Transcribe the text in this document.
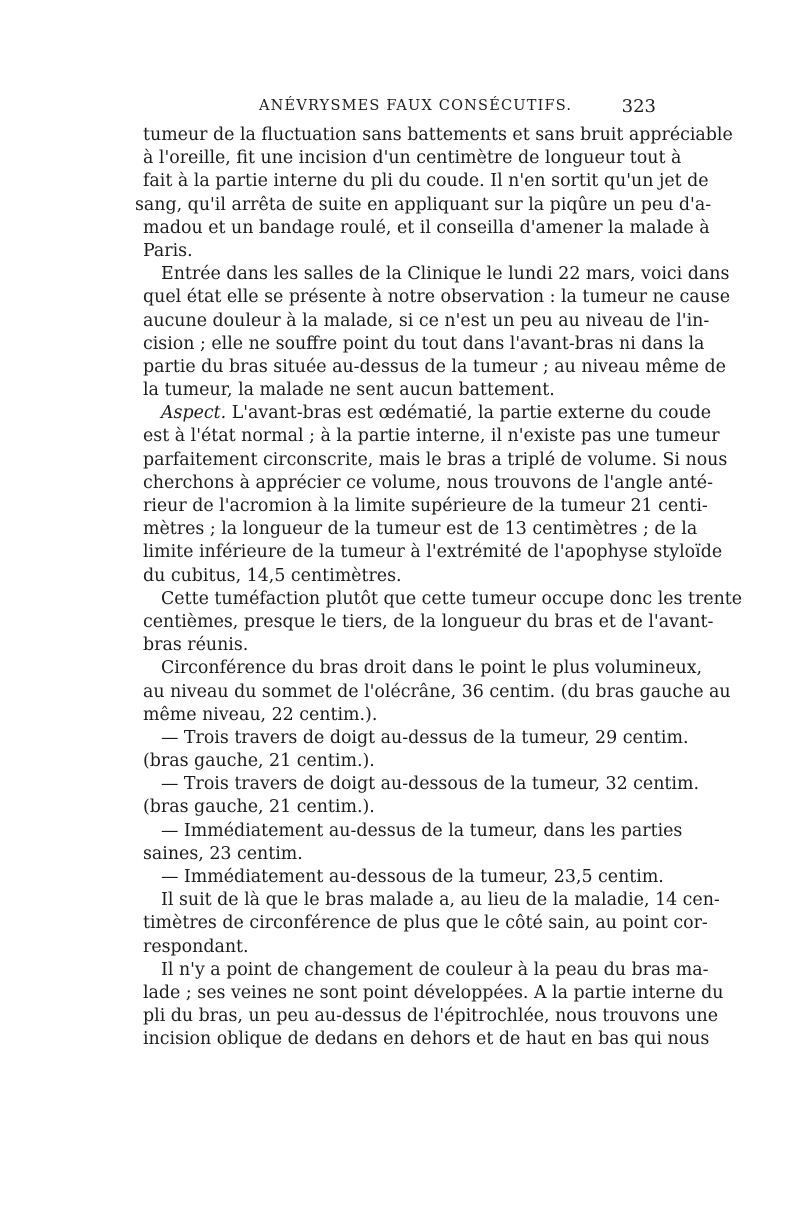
ANÉVRYSMES FAUX CONSÉCUTIFS.	323
tumeur de la fluctuation sans battements et sans bruit appréciable
à l'oreille, fit une incision d'un centimètre de longueur tout à
fait à la partie interne du pli du coude. Il n'en sortit qu'un jet de
sang, qu'il arrêta de suite en appliquant sur la piqûre un peu d'a-
madou et un bandage roulé, et il conseilla d'amener la malade à
Paris.
Entrée dans les salles de la Clinique le lundi 22 mars, voici dans
quel état elle se présente à notre observation : la tumeur ne cause
aucune douleur à la malade, si ce n'est un peu au niveau de l'in-
cision ; elle ne souffre point du tout dans l'avant-bras ni dans la
partie du bras située au-dessus de la tumeur ; au niveau même de
la tumeur, la malade ne sent aucun battement.
Aspect. L'avant-bras est œdématié, la partie externe du coude
est à l'état normal ; à la partie interne, il n'existe pas une tumeur
parfaitement circonscrite, mais le bras a triplé de volume. Si nous
cherchons à apprécier ce volume, nous trouvons de l'angle anté-
rieur de l'acromion à la limite supérieure de la tumeur 21 centi-
mètres ; la longueur de la tumeur est de 13 centimètres ; de la
limite inférieure de la tumeur à l'extrémité de l'apophyse styloïde
du cubitus, 14,5 centimètres.
Cette tuméfaction plutôt que cette tumeur occupe donc les trente
centièmes, presque le tiers, de la longueur du bras et de l'avant-
bras réunis.
Circonférence du bras droit dans le point le plus volumineux,
au niveau du sommet de l'olécrâne, 36 centim. (du bras gauche au
même niveau, 22 centim.).
— Trois travers de doigt au-dessus de la tumeur, 29 centim.
(bras gauche, 21 centim.).
— Trois travers de doigt au-dessous de la tumeur, 32 centim.
(bras gauche, 21 centim.).
— Immédiatement au-dessus de la tumeur, dans les parties
saines, 23 centim.
— Immédiatement au-dessous de la tumeur, 23,5 centim.
Il suit de là que le bras malade a, au lieu de la maladie, 14 cen-
timètres de circonférence de plus que le côté sain, au point cor-
respondant.
Il n'y a point de changement de couleur à la peau du bras ma-
lade ; ses veines ne sont point développées. A la partie interne du
pli du bras, un peu au-dessus de l'épitrochlée, nous trouvons une
incision oblique de dedans en dehors et de haut en bas qui nous
